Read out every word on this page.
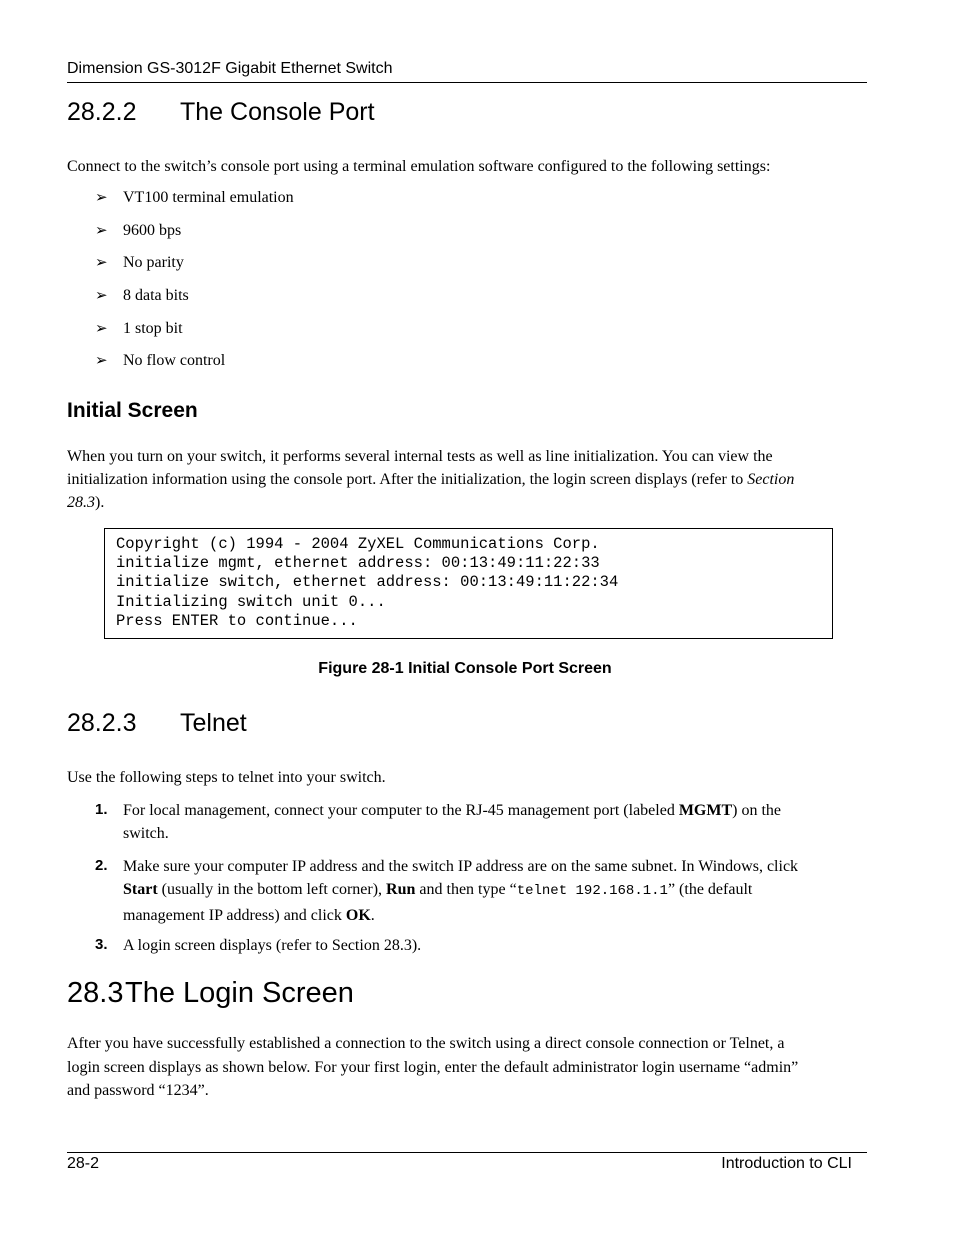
Dimension GS-3012F Gigabit Ethernet Switch
28.2.2 The Console Port
Connect to the switch’s console port using a terminal emulation software configured to the following settings:
➢ VT100 terminal emulation
➢ 9600 bps
➢ No parity
➢ 8 data bits
➢ 1 stop bit
➢ No flow control
Initial Screen
When you turn on your switch, it performs several internal tests as well as line initialization. You can view the
initialization information using the console port. After the initialization, the login screen displays (refer to Section
28.3).
Copyright (c) 1994 - 2004 ZyXEL Communications Corp.
initialize mgmt, ethernet address: 00:13:49:11:22:33
initialize switch, ethernet address: 00:13:49:11:22:34
Initializing switch unit 0...
Press ENTER to continue...
Figure 28-1 Initial Console Port Screen
28.2.3 Telnet
Use the following steps to telnet into your switch.
1. For local management, connect your computer to the RJ-45 management port (labeled MGMT) on the
switch.
2. Make sure your computer IP address and the switch IP address are on the same subnet. In Windows, click
Start (usually in the bottom left corner), Run and then type “telnet 192.168.1.1” (the default
management IP address) and click OK.
3. A login screen displays (refer to Section 28.3).
28.3The Login Screen
After you have successfully established a connection to the switch using a direct console connection or Telnet, a
login screen displays as shown below. For your first login, enter the default administrator login username “admin”
and password “1234”.
28-2	Introduction to CLI
